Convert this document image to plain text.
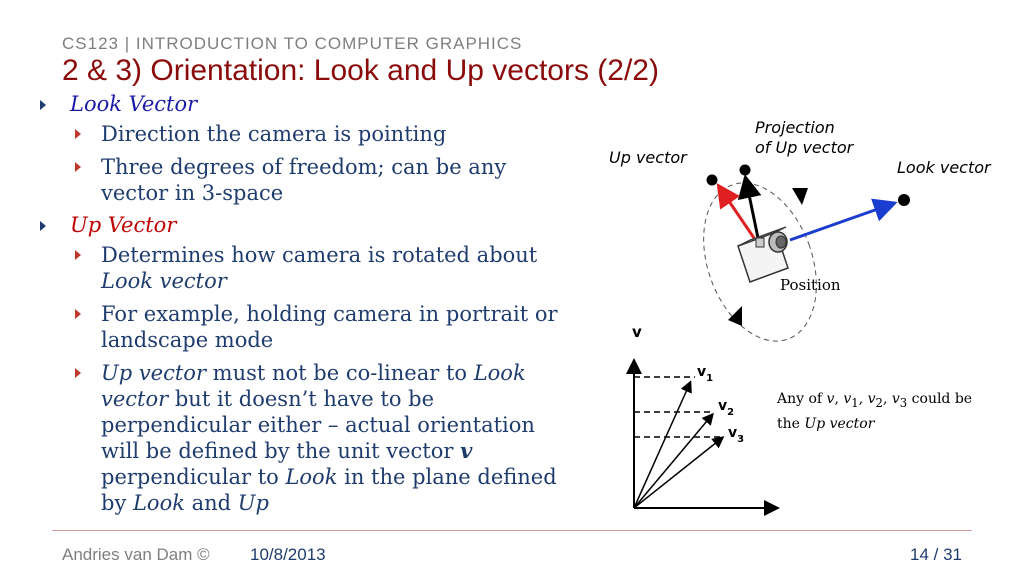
CS123 | INTRODUCTION TO COMPUTER GRAPHICS
2 & 3) Orientation: Look and Up vectors (2/2)
Look Vector
Direction the camera is pointing
Three degrees of freedom; can be any vector in 3-space
Up Vector
Determines how camera is rotated about Look vector
For example, holding camera in portrait or landscape mode
Up vector must not be co-linear to Look vector but it doesn’t have to be perpendicular either – actual orientation will be defined by the unit vector v perpendicular to Look in the plane defined by Look and Up
v
$v_1$
$v_2$
$v_3$
Projection
of Up vector
Up vector
Look vector
Position
Any of v, $v_1$, $v_2$, $v_3$ could be the Up vector
Andries van Dam © 10/8/2013	14 / 31
